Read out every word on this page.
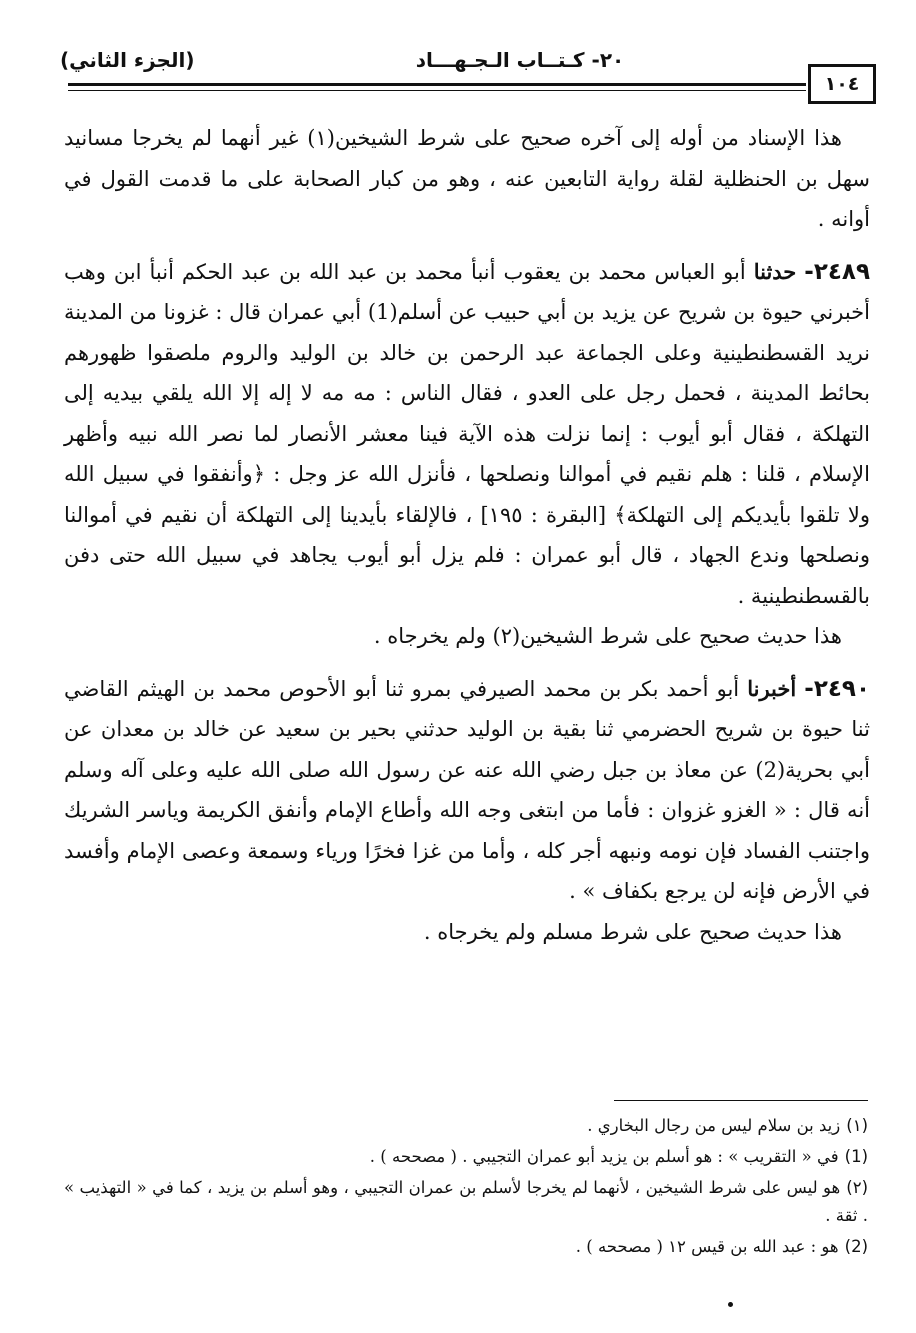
١٠٤
٢٠- كـتــاب الـجـهـــاد
(الجزء الثاني)

هذا الإسناد من أوله إلى آخره صحيح على شرط الشيخين(١) غير أنهما لم يخرجا مسانيد سهل بن الحنظلية لقلة رواية التابعين عنه ، وهو من كبار الصحابة على ما قدمت القول في أوانه .

٢٤٨٩- حدثنا أبو العباس محمد بن يعقوب أنبأ محمد بن عبد الله بن عبد الحكم أنبأ ابن وهب أخبرني حيوة بن شريح عن يزيد بن أبي حبيب عن أسلم(1) أبي عمران قال : غزونا من المدينة نريد القسطنطينية وعلى الجماعة عبد الرحمن بن خالد بن الوليد والروم ملصقوا ظهورهم بحائط المدينة ، فحمل رجل على العدو ، فقال الناس : مه مه لا إله إلا الله يلقي بيديه إلى التهلكة ، فقال أبو أيوب : إنما نزلت هذه الآية فينا معشر الأنصار لما نصر الله نبيه وأظهر الإسلام ، قلنا : هلم نقيم في أموالنا ونصلحها ، فأنزل الله عز وجل : ﴿وأنفقوا في سبيل الله ولا تلقوا بأيديكم إلى التهلكة﴾ [البقرة : ١٩٥] ، فالإلقاء بأيدينا إلى التهلكة أن نقيم في أموالنا ونصلحها وندع الجهاد ، قال أبو عمران : فلم يزل أبو أيوب يجاهد في سبيل الله حتى دفن بالقسطنطينية .

هذا حديث صحيح على شرط الشيخين(٢) ولم يخرجاه .

٢٤٩٠- أخبرنا أبو أحمد بكر بن محمد الصيرفي بمرو ثنا أبو الأحوص محمد بن الهيثم القاضي ثنا حيوة بن شريح الحضرمي ثنا بقية بن الوليد حدثني بحير بن سعيد عن خالد بن معدان عن أبي بحرية(2) عن معاذ بن جبل رضي الله عنه عن رسول الله صلى الله عليه وعلى آله وسلم أنه قال : « الغزو غزوان : فأما من ابتغى وجه الله وأطاع الإمام وأنفق الكريمة وياسر الشريك واجتنب الفساد فإن نومه ونبهه أجر كله ، وأما من غزا فخرًا ورياء وسمعة وعصى الإمام وأفسد في الأرض فإنه لن يرجع بكفاف » .

هذا حديث صحيح على شرط مسلم ولم يخرجاه .

(١)زيد بن سلام ليس من رجال البخاري .

(1)في « التقريب » : هو أسلم بن يزيد أبو عمران التجيبي . ( مصححه ) .

(٢)هو ليس على شرط الشيخين ، لأنهما لم يخرجا لأسلم بن عمران التجيبي ، وهو أسلم بن يزيد ، كما في « التهذيب » . ثقة .

(2)هو : عبد الله بن قيس ١٢ ( مصححه ) .
